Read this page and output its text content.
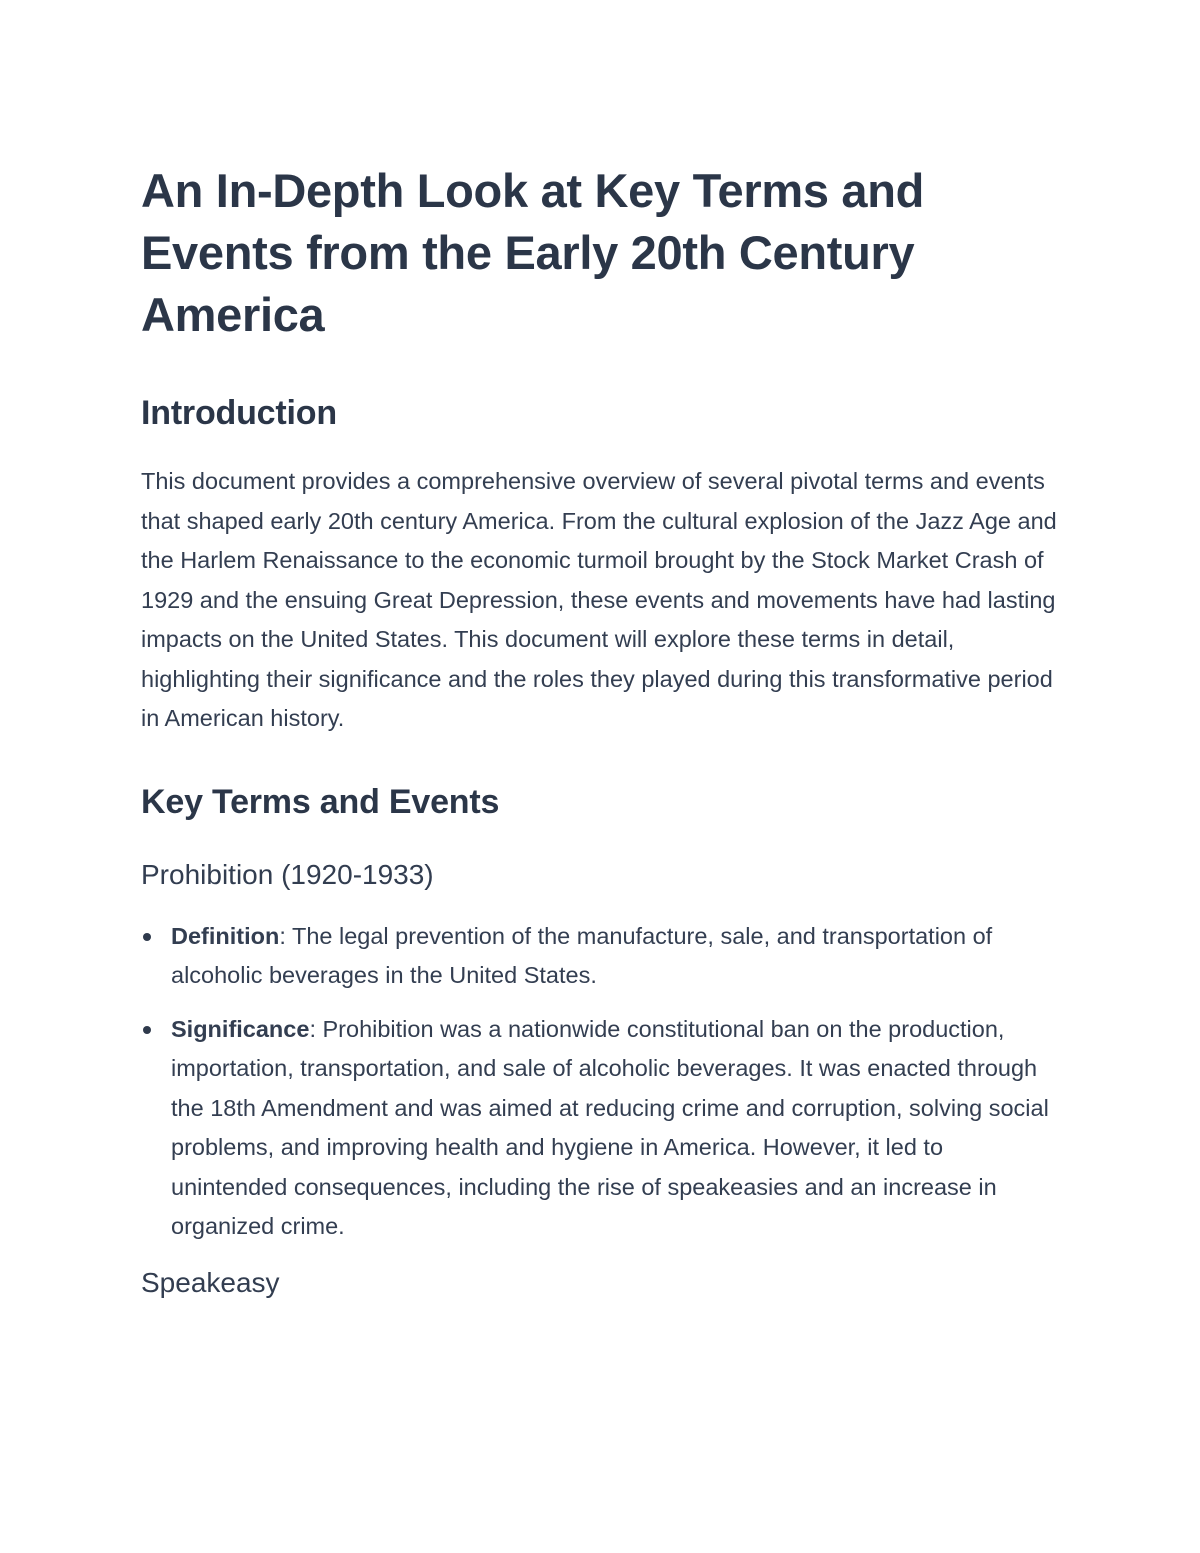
An In-Depth Look at Key Terms and Events from the Early 20th Century America
Introduction

This document provides a comprehensive overview of several pivotal terms and events that shaped early 20th century America. From the cultural explosion of the Jazz Age and the Harlem Renaissance to the economic turmoil brought by the Stock Market Crash of 1929 and the ensuing Great Depression, these events and movements have had lasting impacts on the United States. This document will explore these terms in detail, highlighting their significance and the roles they played during this transformative period in American history.

Key Terms and Events
Prohibition (1920-1933)
Definition: The legal prevention of the manufacture, sale, and transportation of alcoholic beverages in the United States.
Significance: Prohibition was a nationwide constitutional ban on the production, importation, transportation, and sale of alcoholic beverages. It was enacted through the 18th Amendment and was aimed at reducing crime and corruption, solving social problems, and improving health and hygiene in America. However, it led to unintended consequences, including the rise of speakeasies and an increase in organized crime.
Speakeasy
